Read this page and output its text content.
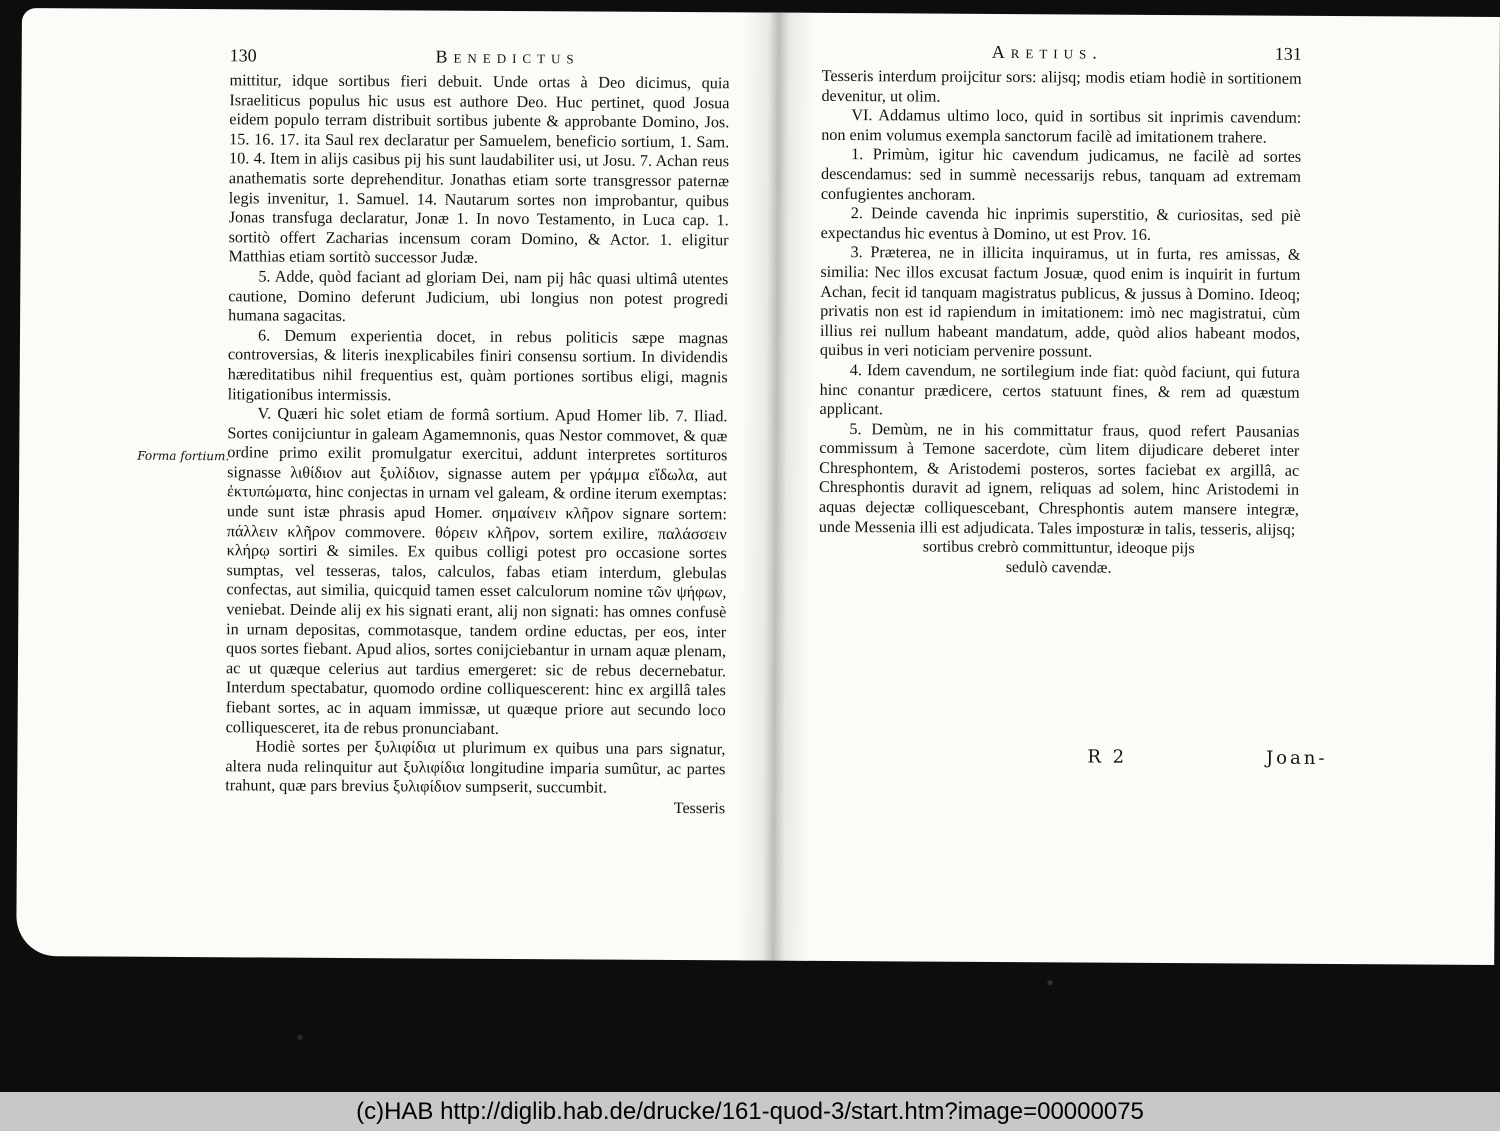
Forma fortium.
130	Benedictus

mittitur, idque sortibus fieri debuit. Unde ortas à Deo dicimus, quia Israeliticus populus hic usus est authore Deo. Huc pertinet, quod Josua eidem populo terram distribuit sortibus jubente & approbante Domino, Jos. 15. 16. 17. ita Saul rex declaratur per Samuelem, beneficio sortium, 1. Sam. 10. 4. Item in alijs casibus pij his sunt laudabiliter usi, ut Josu. 7. Achan reus anathematis sorte deprehenditur. Jonathas etiam sorte transgressor paternæ legis invenitur, 1. Samuel. 14. Nautarum sortes non improbantur, quibus Jonas transfuga declaratur, Jonæ 1. In novo Testamento, in Luca cap. 1. sortitò offert Zacharias incensum coram Domino, & Actor. 1. eligitur Matthias etiam sortitò successor Judæ.

5. Adde, quòd faciant ad gloriam Dei, nam pij hâc quasi ultimâ utentes cautione, Domino deferunt Judicium, ubi longius non potest progredi humana sagacitas.

6. Demum experientia docet, in rebus politicis sæpe magnas controversias, & literis inexplicabiles finiri consensu sortium. In dividendis hæreditatibus nihil frequentius est, quàm portiones sortibus eligi, magnis litigationibus intermissis.

V. Quæri hic solet etiam de formâ sortium. Apud Homer lib. 7. Iliad. Sortes conijciuntur in galeam Agamemnonis, quas Nestor commovet, & quæ ordine primo exilit promulgatur exercitui, addunt interpretes sortituros signasse λιθίδιον aut ξυλίδιον, signasse autem per γράμμα εἴδωλα, aut ἐκτυπώματα, hinc conjectas in urnam vel galeam, & ordine iterum exemptas: unde sunt istæ phrasis apud Homer. σημαίνειν κλῆρον signare sortem: πάλλειν κλῆρον commovere. θόρειν κλῆρον, sortem exilire, παλάσσειν κλήρῳ sortiri & similes. Ex quibus colligi potest pro occasione sortes sumptas, vel tesseras, talos, calculos, fabas etiam interdum, glebulas confectas, aut similia, quicquid tamen esset calculorum nomine τῶν ψήφων, veniebat. Deinde alij ex his signati erant, alij non signati: has omnes confusè in urnam depositas, commotasque, tandem ordine eductas, per eos, inter quos sortes fiebant. Apud alios, sortes conijciebantur in urnam aquæ plenam, ac ut quæque celerius aut tardius emergeret: sic de rebus decernebatur. Interdum spectabatur, quomodo ordine colliquescerent: hinc ex argillâ tales fiebant sortes, ac in aquam immissæ, ut quæque priore aut secundo loco colliquesceret, ita de rebus pronunciabant.

Hodiè sortes per ξυλιφίδια ut plurimum ex quibus una pars signatur, altera nuda relinquitur aut ξυλιφίδια longitudine imparia sumûtur, ac partes trahunt, quæ pars brevius ξυλιφίδιον sumpserit, succumbit.

Tesseris

Aretius.	131

Tesseris interdum proijcitur sors: alijsq; modis etiam hodiè in sortitionem devenitur, ut olim.

VI. Addamus ultimo loco, quid in sortibus sit inprimis cavendum: non enim volumus exempla sanctorum facilè ad imitationem trahere.

1. Primùm, igitur hic cavendum judicamus, ne facilè ad sortes descendamus: sed in summè necessarijs rebus, tanquam ad extremam confugientes anchoram.

2. Deinde cavenda hic inprimis superstitio, & curiositas, sed piè expectandus hic eventus à Domino, ut est Prov. 16.

3. Præterea, ne in illicita inquiramus, ut in furta, res amissas, & similia: Nec illos excusat factum Josuæ, quod enim is inquirit in furtum Achan, fecit id tanquam magistratus publicus, & jussus à Domino. Ideoq; privatis non est id rapiendum in imitationem: imò nec magistratui, cùm illius rei nullum habeant mandatum, adde, quòd alios habeant modos, quibus in veri noticiam pervenire possunt.

4. Idem cavendum, ne sortilegium inde fiat: quòd faciunt, qui futura hinc conantur prædicere, certos statuunt fines, & rem ad quæstum applicant.

5. Demùm, ne in his committatur fraus, quod refert Pausanias commissum à Temone sacerdote, cùm litem dijudicare deberet inter Chresphontem, & Aristodemi posteros, sortes faciebat ex argillâ, ac Chresphontis duravit ad ignem, reliquas ad solem, hinc Aristodemi in aquas dejectæ colliquescebant, Chresphontis autem mansere integræ, unde Messenia illi est adjudicata. Tales imposturæ in talis, tesseris, alijsq;

sortibus crebrò committuntur, ideoque pijs
sedulò cavendæ.
R 2	Joan-
(c)HAB http://diglib.hab.de/drucke/161-quod-3/start.htm?image=00000075
